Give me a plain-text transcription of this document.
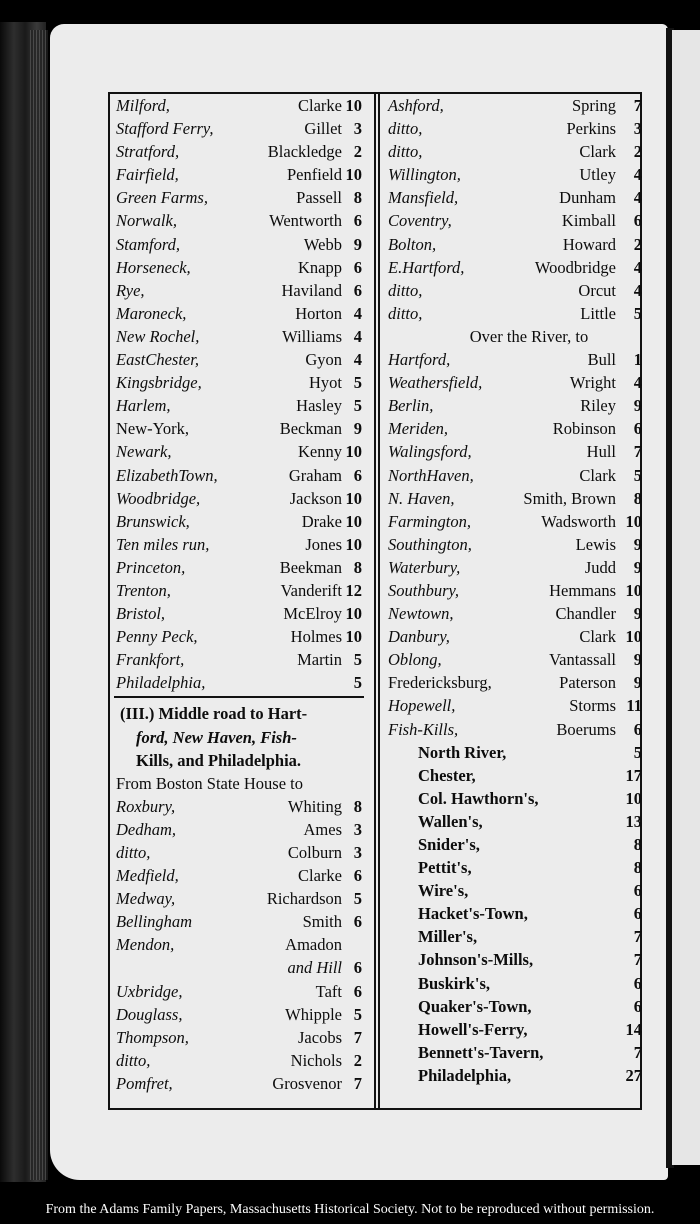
Milford,	Clarke 10
Stafford Ferry,	Gillet 3
Stratford,	Blackledge 2
Fairfield,	Penfield 10
Green Farms,	Passell 8
Norwalk,	Wentworth 6
Stamford,	Webb 9
Horseneck,	Knapp 6
Rye,	Haviland 6
Maroneck,	Horton 4
New Rochel,	Williams 4
EastChester,	Gyon 4
Kingsbridge,	Hyot 5
Harlem,	Hasley 5
New-York,	Beckman 9
Newark,	Kenny 10
ElizabethTown,	Graham 6
Woodbridge,	Jackson 10
Brunswick,	Drake 10
Ten miles run,	Jones 10
Princeton,	Beekman 8
Trenton,	Vanderift 12
Bristol,	McElroy 10
Penny Peck,	Holmes 10
Frankfort,	Martin 5
Philadelphia,	5
(III.) Middle road to Hart-
ford, New Haven, Fish-
Kills, and Philadelphia.
From Boston State House to
Roxbury,	Whiting 8
Dedham,	Ames 3
ditto,	Colburn 3
Medfield,	Clarke 6
Medway,	Richardson 5
Bellingham	Smith 6
Mendon,	Amadon
and Hill 6
Uxbridge,	Taft 6
Douglass,	Whipple 5
Thompson,	Jacobs 7
ditto,	Nichols 2
Pomfret,	Grosvenor 7
Ashford,	Spring 7
ditto,	Perkins 3
ditto,	Clark 2
Willington,	Utley 4
Mansfield,	Dunham 4
Coventry,	Kimball 6
Bolton,	Howard 2
E.Hartford,	Woodbridge 4
ditto,	Orcut 4
ditto,	Little 5
Over the River, to
Hartford,	Bull 1
Weathersfield,	Wright 4
Berlin,	Riley 9
Meriden,	Robinson 6
Walingsford,	Hull 7
NorthHaven,	Clark 5
N. Haven,	Smith, Brown 8
Farmington,	Wadsworth 10
Southington,	Lewis 9
Waterbury,	Judd 9
Southbury,	Hemmans 10
Newtown,	Chandler 9
Danbury,	Clark 10
Oblong,	Vantassall 9
Fredericksburg,	Paterson 9
Hopewell,	Storms 11
Fish-Kills,	Boerums 6
North River,	5
Chester,	17
Col. Hawthorn's,	10
Wallen's,	13
Snider's,	8
Pettit's,	8
Wire's,	6
Hacket's-Town,	6
Miller's,	7
Johnson's-Mills,	7
Buskirk's,	6
Quaker's-Town,	6
Howell's-Ferry,	14
Bennett's-Tavern,	7
Philadelphia,	27
From the Adams Family Papers, Massachusetts Historical Society. Not to be reproduced without permission.
